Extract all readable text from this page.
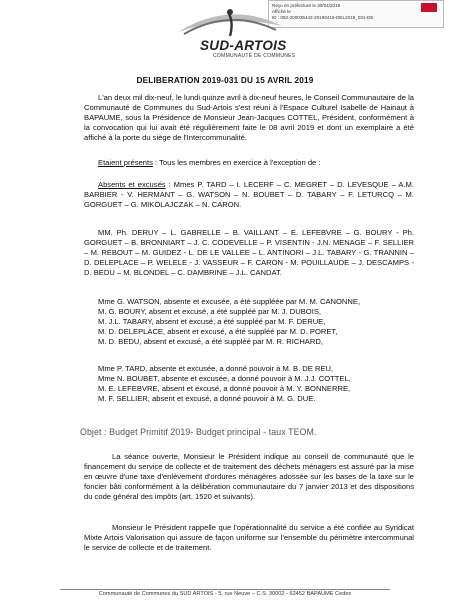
Reçu en préfecture le 30/04/2019
Affiché le
ID : 062-200035442-20190415-DEL2019_031-DE
SUD-ARTOIS
COMMUNAUTÉ DE COMMUNES
DELIBERATION 2019-031 DU 15 AVRIL 2019

L'an deux mil dix-neuf, le lundi quinze avril à dix-neuf heures, le Conseil Communautaire de la Communauté de Communes du Sud-Artois s'est réuni à l'Espace Culturel Isabelle de Hainaut à BAPAUME, sous la Présidence de Monsieur Jean-Jacques COTTEL, Président, conformément à la convocation qui lui avait été régulièrement faite le 08 avril 2019 et dont un exemplaire a été affiché à la porte du siège de l'Intercommunalité.

Etaient présents : Tous les membres en exercice à l'exception de :

Absents et excusés : Mmes P. TARD – I. LECERF – C. MEGRET – D. LEVESQUE – A.M. BARBIER - V. HERMANT – G. WATSON – N. BOUBET – D. TABARY – F. LETURCQ – M. GORGUET – G. MIKOLAJCZAK – N. CARON.

MM. Ph. DERUY – L. GABRELLE – B. VAILLANT – E. LEFEBVRE – G. BOURY - Ph. GORGUET – B. BRONNIART – J. C. CODEVELLE – P. VISENTIN - J.N. MENAGE – F. SELLIER – M. REBOUT – M. GUIDEZ - L. DE LE VALLEE – L. ANTINORI – J.L. TABARY - G. TRANNIN – D. DELEPLACE – P. WELELE - J. VASSEUR – F. CARON - M. POUILLAUDE – J. DESCAMPS - D. BEDU – M. BLONDEL – C. DAMBRINE – J.L. CANDAT.

Mme G. WATSON, absente et excusée, a été suppléée par M. M. CANONNE,
M. G. BOURY, absent et excusé, a été suppléé par M. J. DUBOIS,
M. J.L. TABARY, absent et excusé, a été suppléé par M. F. DERUE,
M. D. DELEPLACE, absent et excusé, a été suppléé par M. D. PORET,
M. D. BEDU, absent et excusé, a été suppléé par M. R. RICHARD,
Mme P. TARD, absente et excusée, a donné pouvoir à M. B. DE REU,
Mme N. BOUBET, absente et excusée, a donné pouvoir à M. J.J. COTTEL,
M. E. LEFEBVRE, absent et excusé, a donné pouvoir à M. Y. BONNERRE,
M. F. SELLIER, absent et excusé, a donné pouvoir à M. G. DUE.
Objet : Budget Primitif 2019- Budget principal - taux TEOM.

La séance ouverte, Monsieur le Président indique au conseil de communauté que le financement du service de collecte et de traitement des déchets ménagers est assuré par la mise en œuvre d'une taxe d'enlèvement d'ordures ménagères adossée sur les bases de la taxe sur le foncier bâti conformément à la délibération communautaire du 7 janvier 2013 et des dispositions du code général des impôts (art. 1520 et suivants).

Monsieur le Président rappelle que l'opérationnalité du service a été confiée au Syndicat Mixte Artois Valorisation qui assure de façon uniforme sur l'ensemble du périmètre intercommunal le service de collecte et de traitement.

Communauté de Communes du SUD ARTOIS - 5, rue Neuve – C.S. 30002 - 62452 BAPAUME Cedex
